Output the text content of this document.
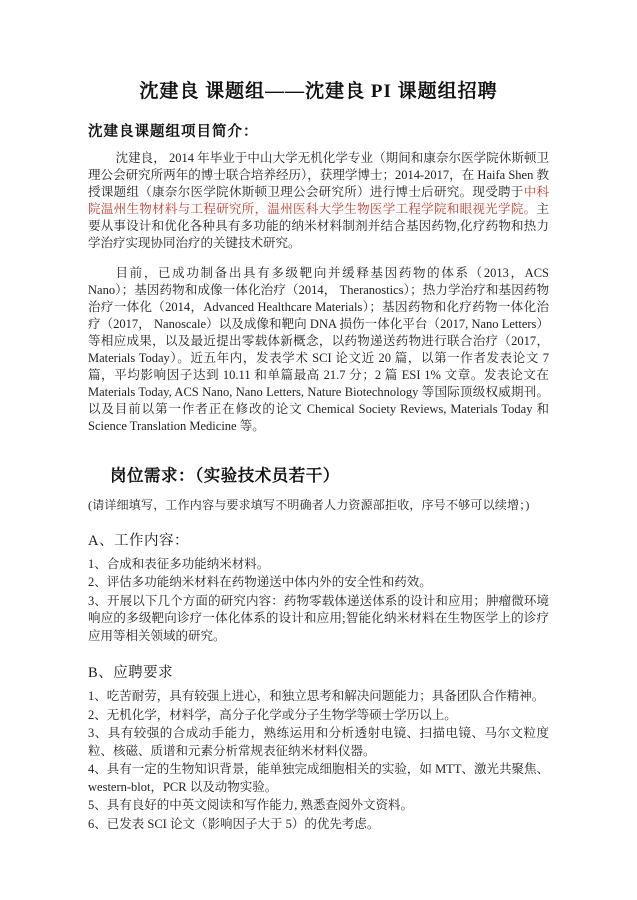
沈建良 课题组——沈建良 PI 课题组招聘
沈建良课题组项目简介：

沈建良， 2014 年毕业于中山大学无机化学专业（期间和康奈尔医学院休斯顿卫理公会研究所两年的博士联合培养经历），获理学博士；2014-2017，在 Haifa Shen 教授课题组（康奈尔医学院休斯顿卫理公会研究所）进行博士后研究。现受聘于中科院温州生物材料与工程研究所，温州医科大学生物医学工程学院和眼视光学院。主要从事设计和优化各种具有多功能的纳米材料制剂并结合基因药物,化疗药物和热力学治疗实现协同治疗的关键技术研究。

目前，已成功制备出具有多级靶向并缓释基因药物的体系（2013，ACS Nano）；基因药物和成像一体化治疗（2014， Theranostics）；热力学治疗和基因药物治疗一体化（2014，Advanced Healthcare Materials）；基因药物和化疗药物一体化治疗（2017， Nanoscale）以及成像和靶向 DNA 损伤一体化平台（2017, Nano Letters）等相应成果，以及最近提出零载体新概念，以药物递送药物进行联合治疗（2017，Materials Today）。近五年内，发表学术 SCI 论文近 20 篇，以第一作者发表论文 7 篇，平均影响因子达到 10.11 和单篇最高 21.7 分；2 篇 ESI 1% 文章。发表论文在 Materials Today, ACS Nano, Nano Letters, Nature Biotechnology 等国际顶级权威期刊。以及目前以第一作者正在修改的论文 Chemical Society Reviews, Materials Today 和 Science Translation Medicine 等。

岗位需求：（实验技术员若干）
(请详细填写，工作内容与要求填写不明确者人力资源部拒收，序号不够可以续增；)
A、工作内容：
1、合成和表征多功能纳米材料。
2、评估多功能纳米材料在药物递送中体内外的安全性和药效。
3、开展以下几个方面的研究内容：药物零载体递送体系的设计和应用；肿瘤微环境响应的多级靶向诊疗一体化体系的设计和应用;智能化纳米材料在生物医学上的诊疗应用等相关领域的研究。
B、应聘要求
1、吃苦耐劳，具有较强上进心，和独立思考和解决问题能力；具备团队合作精神。
2、无机化学，材料学，高分子化学或分子生物学等硕士学历以上。
3、具有较强的合成动手能力，熟练运用和分析透射电镜、扫描电镜、马尔文粒度粒、核磁、质谱和元素分析常规表征纳米材料仪器。
4、具有一定的生物知识背景，能单独完成细胞相关的实验，如 MTT、激光共聚焦、western-blot，PCR 以及动物实验。
5、具有良好的中英文阅读和写作能力, 熟悉查阅外文资料。
6、已发表 SCI 论文（影响因子大于 5）的优先考虑。
